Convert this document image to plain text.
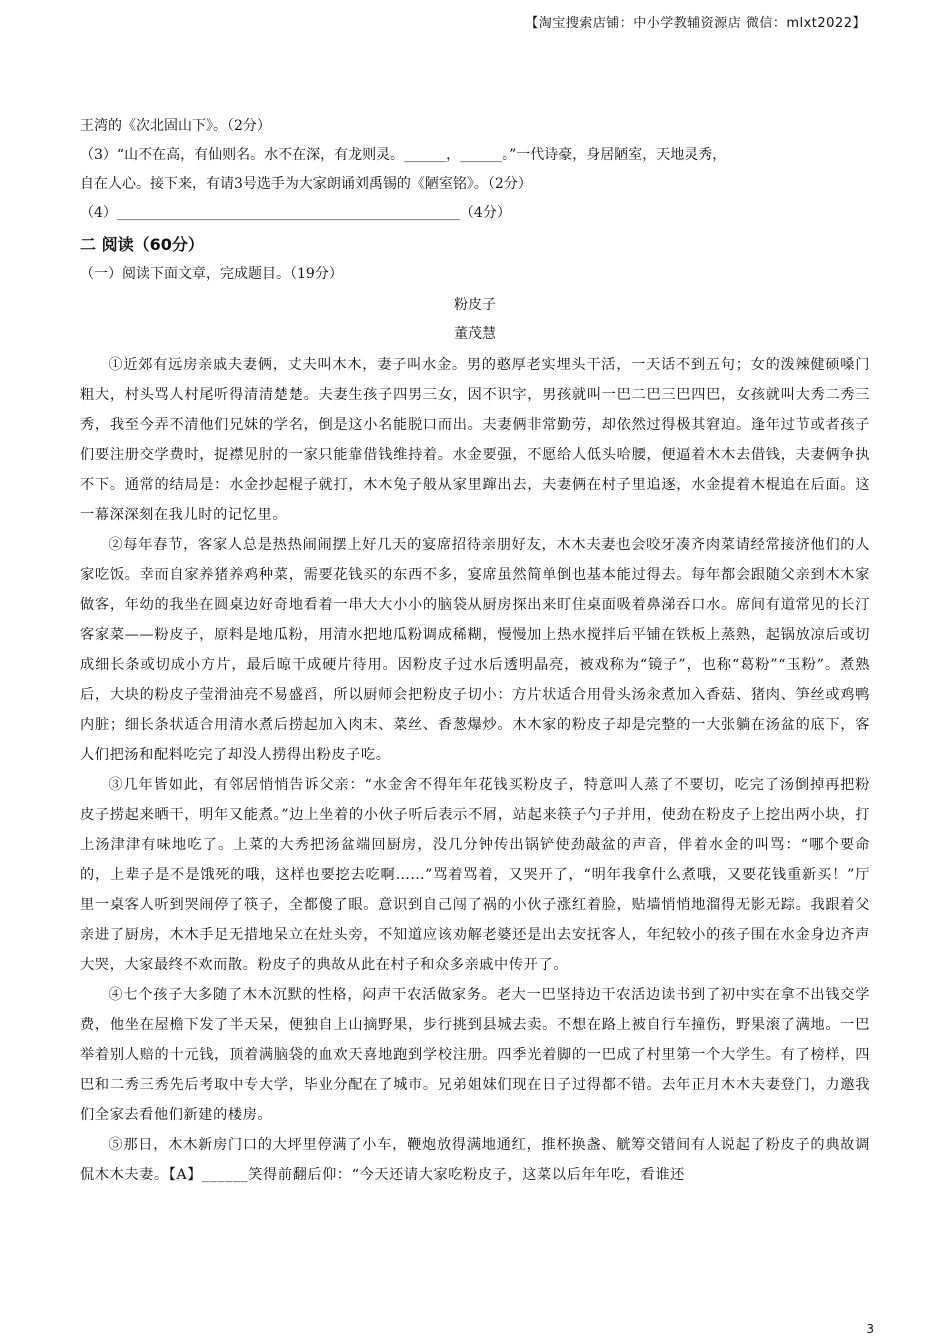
【淘宝搜索店铺：中小学教辅资源店 微信：mlxt2022】
王湾的《次北固山下》。（2分）
（3）“山不在高，有仙则名。水不在深，有龙则灵。______，______。”一代诗豪，身居陋室，天地灵秀，
自在人心。接下来，有请3号选手为大家朗诵刘禹锡的《陋室铭》。（2分）
（4）_________________________________________________（4分）
二 阅读（60分）
（一）阅读下面文章，完成题目。（19分）
粉皮子
董茂慧

①近郊有远房亲戚夫妻俩，丈夫叫木木，妻子叫水金。男的憨厚老实埋头干活，一天话不到五句；女的泼辣健硕嗓门粗大，村头骂人村尾听得清清楚楚。夫妻生孩子四男三女，因不识字，男孩就叫一巴二巴三巴四巴，女孩就叫大秀二秀三秀，我至今弄不清他们兄妹的学名，倒是这小名能脱口而出。夫妻俩非常勤劳，却依然过得极其窘迫。逢年过节或者孩子们要注册交学费时，捉襟见肘的一家只能靠借钱维持着。水金要强，不愿给人低头哈腰，便逼着木木去借钱，夫妻俩争执不下。通常的结局是：水金抄起棍子就打，木木兔子般从家里蹿出去，夫妻俩在村子里追逐，水金提着木棍追在后面。这一幕深深刻在我儿时的记忆里。

②每年春节，客家人总是热热闹闹摆上好几天的宴席招待亲朋好友，木木夫妻也会咬牙凑齐肉菜请经常接济他们的人家吃饭。幸而自家养猪养鸡种菜，需要花钱买的东西不多，宴席虽然简单倒也基本能过得去。每年都会跟随父亲到木木家做客，年幼的我坐在圆桌边好奇地看着一串大大小小的脑袋从厨房探出来盯住桌面吸着鼻涕吞口水。席间有道常见的长汀客家菜——粉皮子，原料是地瓜粉，用清水把地瓜粉调成稀糊，慢慢加上热水搅拌后平铺在铁板上蒸熟，起锅放凉后或切成细长条或切成小方片，最后晾干成硬片待用。因粉皮子过水后透明晶亮，被戏称为“镜子”，也称“葛粉”“玉粉”。煮熟后，大块的粉皮子莹滑油亮不易盛舀，所以厨师会把粉皮子切小：方片状适合用骨头汤汆煮加入香菇、猪肉、笋丝或鸡鸭内脏；细长条状适合用清水煮后捞起加入肉末、菜丝、香葱爆炒。木木家的粉皮子却是完整的一大张躺在汤盆的底下，客人们把汤和配料吃完了却没人捞得出粉皮子吃。

③几年皆如此，有邻居悄悄告诉父亲：“水金舍不得年年花钱买粉皮子，特意叫人蒸了不要切，吃完了汤倒掉再把粉皮子捞起来晒干，明年又能煮。”边上坐着的小伙子听后表示不屑，站起来筷子勺子并用，使劲在粉皮子上挖出两小块，打上汤津津有味地吃了。上菜的大秀把汤盆端回厨房，没几分钟传出锅铲使劲敲盆的声音，伴着水金的叫骂：“哪个要命的，上辈子是不是饿死的哦，这样也要挖去吃啊……”骂着骂着，又哭开了，“明年我拿什么煮哦，又要花钱重新买！”厅里一桌客人听到哭闹停了筷子，全都傻了眼。意识到自己闯了祸的小伙子涨红着脸，贴墙悄悄地溜得无影无踪。我跟着父亲进了厨房，木木手足无措地呆立在灶头旁，不知道应该劝解老婆还是出去安抚客人，年纪较小的孩子围在水金身边齐声大哭，大家最终不欢而散。粉皮子的典故从此在村子和众多亲戚中传开了。

④七个孩子大多随了木木沉默的性格，闷声干农活做家务。老大一巴坚持边干农活边读书到了初中实在拿不出钱交学费，他坐在屋檐下发了半天呆，便独自上山摘野果，步行挑到县城去卖。不想在路上被自行车撞伤，野果滚了满地。一巴举着别人赔的十元钱，顶着满脑袋的血欢天喜地跑到学校注册。四季光着脚的一巴成了村里第一个大学生。有了榜样，四巴和二秀三秀先后考取中专大学，毕业分配在了城市。兄弟姐妹们现在日子过得都不错。去年正月木木夫妻登门，力邀我们全家去看他们新建的楼房。

⑤那日，木木新房门口的大坪里停满了小车，鞭炮放得满地通红，推杯换盏、觥筹交错间有人说起了粉皮子的典故调侃木木夫妻。【A】______笑得前翻后仰：“今天还请大家吃粉皮子，这菜以后年年吃，看谁还

3
